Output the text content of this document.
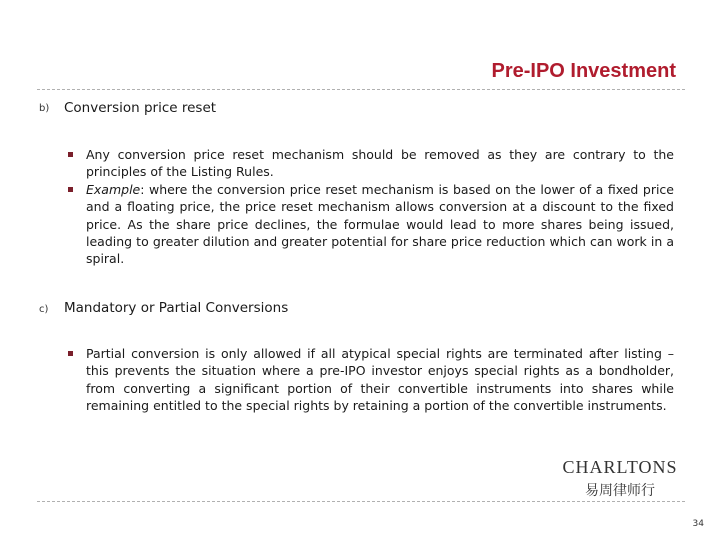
Pre-IPO Investment
b) Conversion price reset
Any conversion price reset mechanism should be removed as they are contrary to the principles of the Listing Rules.
Example: where the conversion price reset mechanism is based on the lower of a fixed price and a floating price, the price reset mechanism allows conversion at a discount to the fixed price. As the share price declines, the formulae would lead to more shares being issued, leading to greater dilution and greater potential for share price reduction which can work in a spiral.
c) Mandatory or Partial Conversions
Partial conversion is only allowed if all atypical special rights are terminated after listing – this prevents the situation where a pre-IPO investor enjoys special rights as a bondholder, from converting a significant portion of their convertible instruments into shares while remaining entitled to the special rights by retaining a portion of the convertible instruments.
CHARLTONS
易周律师行
34
